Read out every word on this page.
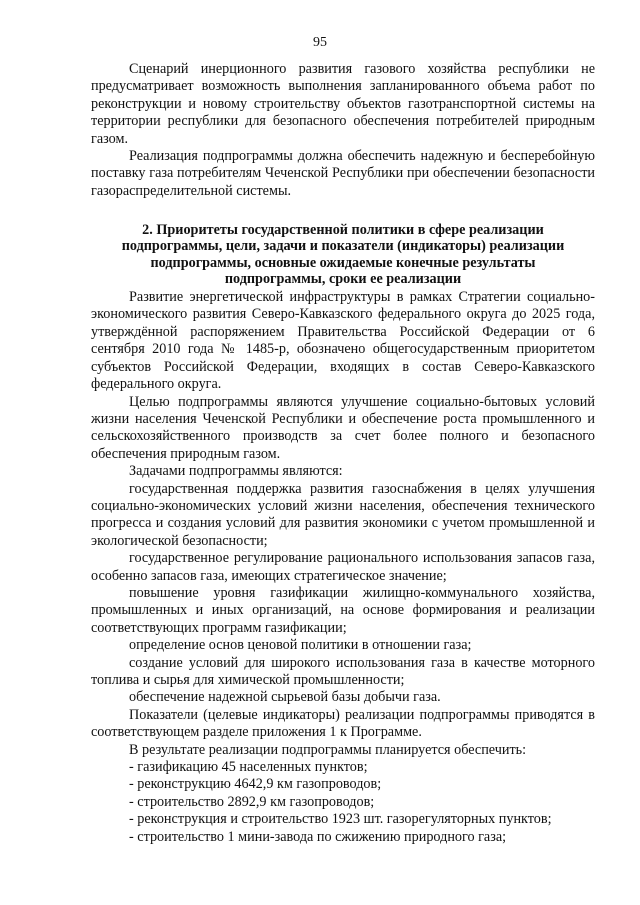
95

Сценарий инерционного развития газового хозяйства республики не предусматривает возможность выполнения запланированного объема работ по реконструкции и новому строительству объектов газотранспортной системы на территории республики для безопасного обеспечения потребителей природным газом.

Реализация подпрограммы должна обеспечить надежную и бесперебойную поставку газа потребителям Чеченской Республики при обеспечении безопасности газораспределительной системы.

2. Приоритеты государственной политики в сфере реализации подпрограммы, цели, задачи и показатели (индикаторы) реализации подпрограммы, основные ожидаемые конечные результаты подпрограммы, сроки ее реализации

Развитие энергетической инфраструктуры в рамках Стратегии социально-экономического развития Северо-Кавказского федерального округа до 2025 года, утверждённой распоряжением Правительства Российской Федерации от 6 сентября 2010 года № 1485-р, обозначено общегосударственным приоритетом субъектов Российской Федерации, входящих в состав Северо-Кавказского федерального округа.

Целью подпрограммы являются улучшение социально-бытовых условий жизни населения Чеченской Республики и обеспечение роста промышленного и сельскохозяйственного производств за счет более полного и безопасного обеспечения природным газом.

Задачами подпрограммы являются:

государственная поддержка развития газоснабжения в целях улучшения социально-экономических условий жизни населения, обеспечения технического прогресса и создания условий для развития экономики с учетом промышленной и экологической безопасности;

государственное регулирование рационального использования запасов газа, особенно запасов газа, имеющих стратегическое значение;

повышение уровня газификации жилищно-коммунального хозяйства, промышленных и иных организаций, на основе формирования и реализации соответствующих программ газификации;

определение основ ценовой политики в отношении газа;

создание условий для широкого использования газа в качестве моторного топлива и сырья для химической промышленности;

обеспечение надежной сырьевой базы добычи газа.

Показатели (целевые индикаторы) реализации подпрограммы приводятся в соответствующем разделе приложения 1 к Программе.

В результате реализации подпрограммы планируется обеспечить:

- газификацию 45 населенных пунктов;

- реконструкцию 4642,9 км газопроводов;

- строительство 2892,9 км газопроводов;

- реконструкция и строительство 1923 шт. газорегуляторных пунктов;

- строительство 1 мини-завода по сжижению природного газа;
